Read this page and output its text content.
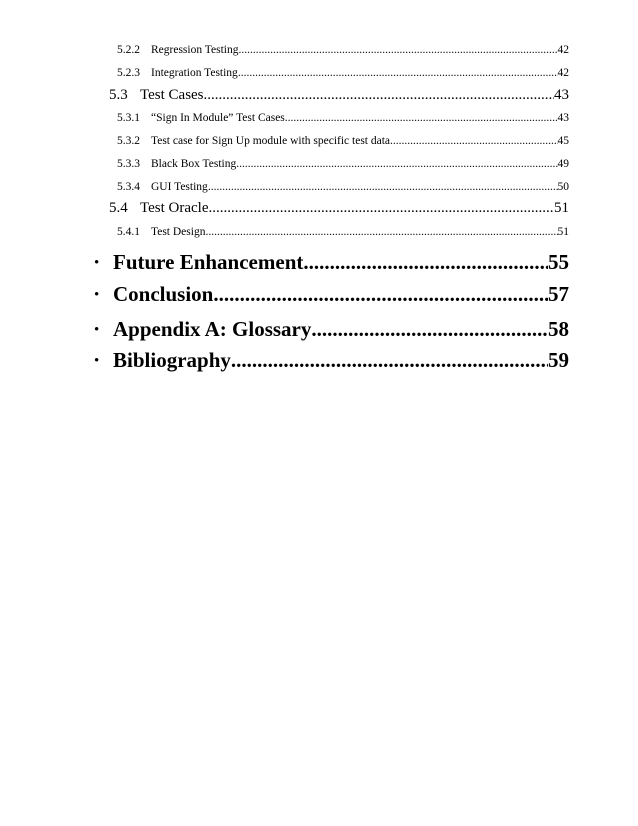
5.2.2 Regression Testing .....	42
5.2.3 Integration Testing .....	42
5.3 Test Cases .....	43
5.3.1 “Sign In Module” Test Cases .....	43
5.3.2 Test case for Sign Up module with specific test data .....	45
5.3.3 Black Box Testing .....	49
5.3.4 GUI Testing .....	50
5.4 Test Oracle .....	51
5.4.1 Test Design .....	51
• Future Enhancement .....	55
• Conclusion .....	57
• Appendix A: Glossary .....	58
• Bibliography .....	59
